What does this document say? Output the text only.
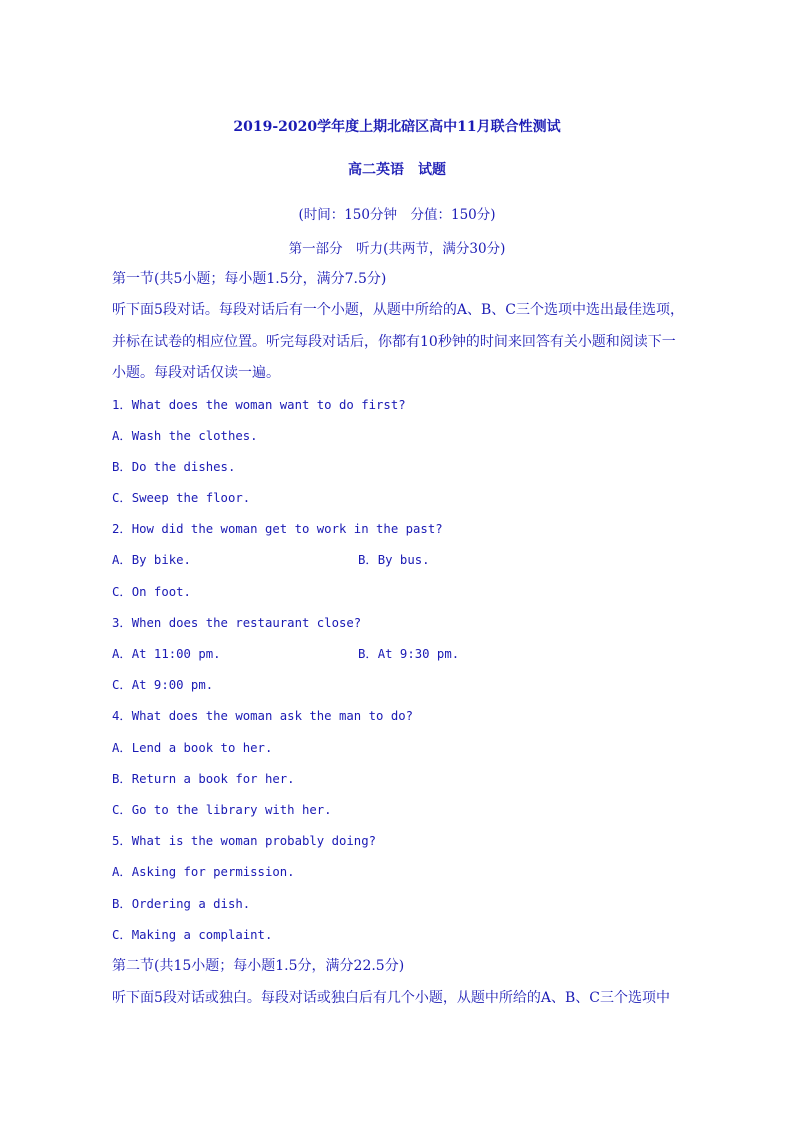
2019-2020学年度上期北碚区高中11月联合性测试
高二英语　试题
(时间：150分钟　分值：150分)
第一部分　听力(共两节，满分30分)
第一节(共5小题；每小题1.5分，满分7.5分)
听下面5段对话。每段对话后有一个小题，从题中所给的A、B、C三个选项中选出最佳选项，
并标在试卷的相应位置。听完每段对话后，你都有10秒钟的时间来回答有关小题和阅读下一
小题。每段对话仅读一遍。
1．What does the woman want to do first?
A．Wash the clothes.
B．Do the dishes.
C．Sweep the floor.
2．How did the woman get to work in the past?
A．By bike.	B．By bus.
C．On foot.
3．When does the restaurant close?
A．At 11:00 pm.	B．At 9:30 pm.
C．At 9:00 pm.
4．What does the woman ask the man to do?
A．Lend a book to her.
B．Return a book for her.
C．Go to the library with her.
5．What is the woman probably doing?
A．Asking for permission.
B．Ordering a dish.
C．Making a complaint.
第二节(共15小题；每小题1.5分，满分22.5分)
听下面5段对话或独白。每段对话或独白后有几个小题，从题中所给的A、B、C三个选项中
